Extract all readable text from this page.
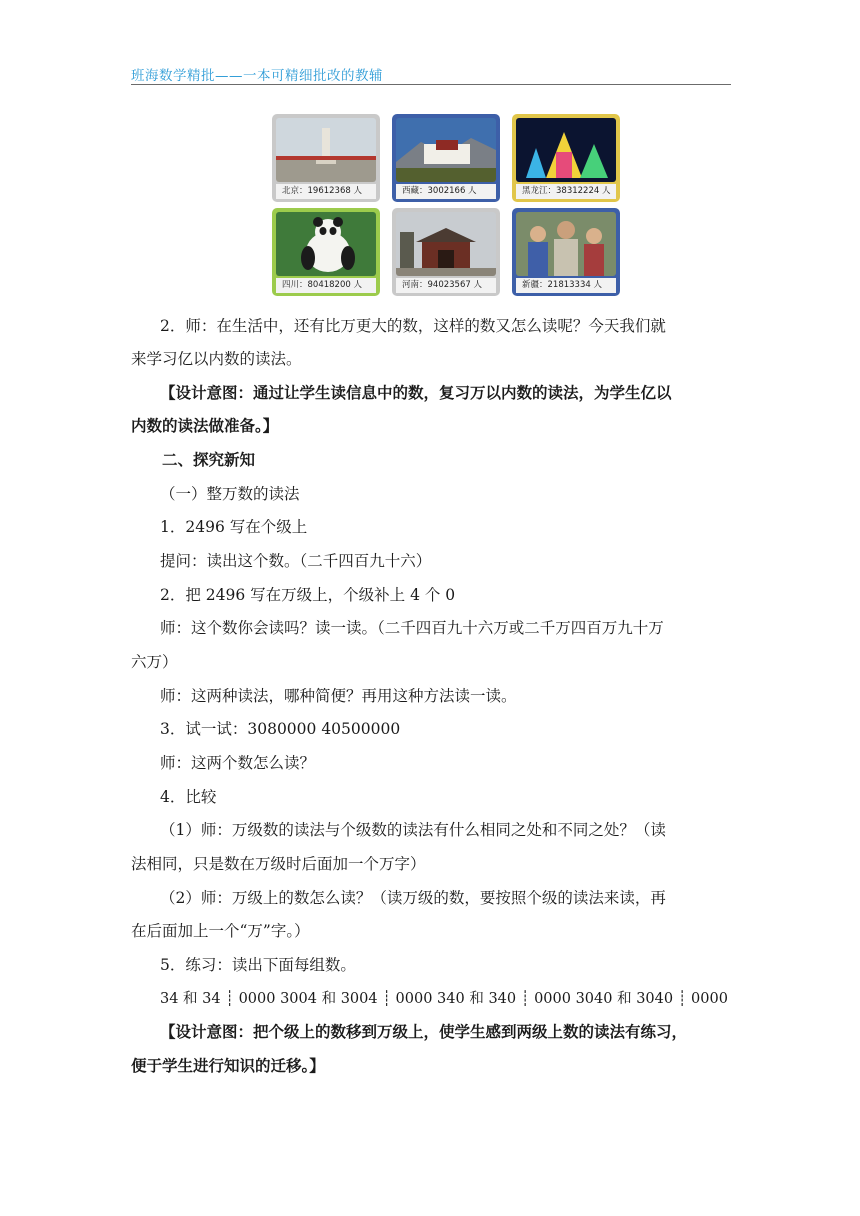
班海数学精批——一本可精细批改的教辅
北京：19612368 人	西藏：3002166 人	黑龙江：38312224 人
四川：80418200 人	河南：94023567 人	新疆：21813334 人
2．师：在生活中，还有比万更大的数，这样的数又怎么读呢？今天我们就
来学习亿以内数的读法。
【设计意图：通过让学生读信息中的数，复习万以内数的读法，为学生亿以
内数的读法做准备。】
二、探究新知
（一）整万数的读法
1．2496 写在个级上
提问：读出这个数。（二千四百九十六）
2．把 2496 写在万级上，个级补上 4 个 0
师：这个数你会读吗？读一读。（二千四百九十六万或二千万四百万九十万
六万）
师：这两种读法，哪种简便？再用这种方法读一读。
3．试一试：3080000 40500000
师：这两个数怎么读？
4．比较
（1）师：万级数的读法与个级数的读法有什么相同之处和不同之处？（读
法相同，只是数在万级时后面加一个万字）
（2）师：万级上的数怎么读？（读万级的数，要按照个级的读法来读，再
在后面加上一个“万”字。）
5．练习：读出下面每组数。
34 和 34 ┊ 0000 3004 和 3004 ┊ 0000 340 和 340 ┊ 0000 3040 和 3040 ┊ 0000
【设计意图：把个级上的数移到万级上，使学生感到两级上数的读法有练习，
便于学生进行知识的迁移。】
